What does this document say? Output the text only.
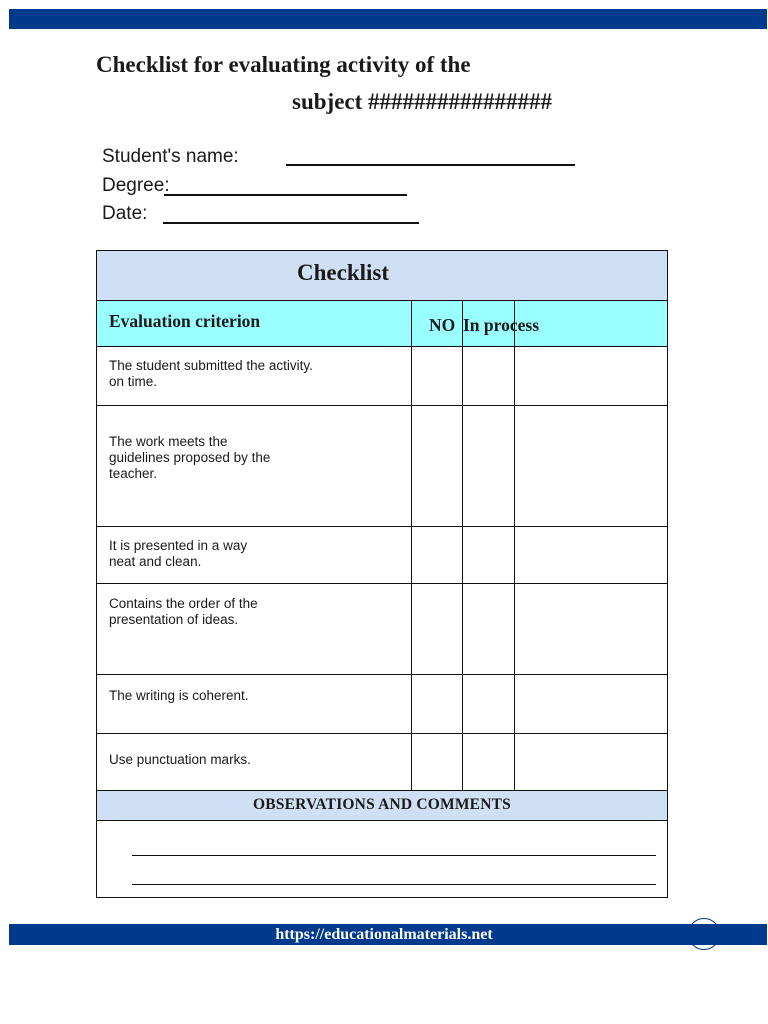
Checklist for evaluating activity of the
subject ################
Student's name:
Degree:
Date:
Checklist
Evaluation criterion	NO In process
The student submitted the activity.
on time.
The work meets the
guidelines proposed by the
teacher.
It is presented in a way
neat and clean.
Contains the order of the
presentation of ideas.
The writing is coherent.
Use punctuation marks.
OBSERVATIONS AND COMMENTS
https://educationalmaterials.net
